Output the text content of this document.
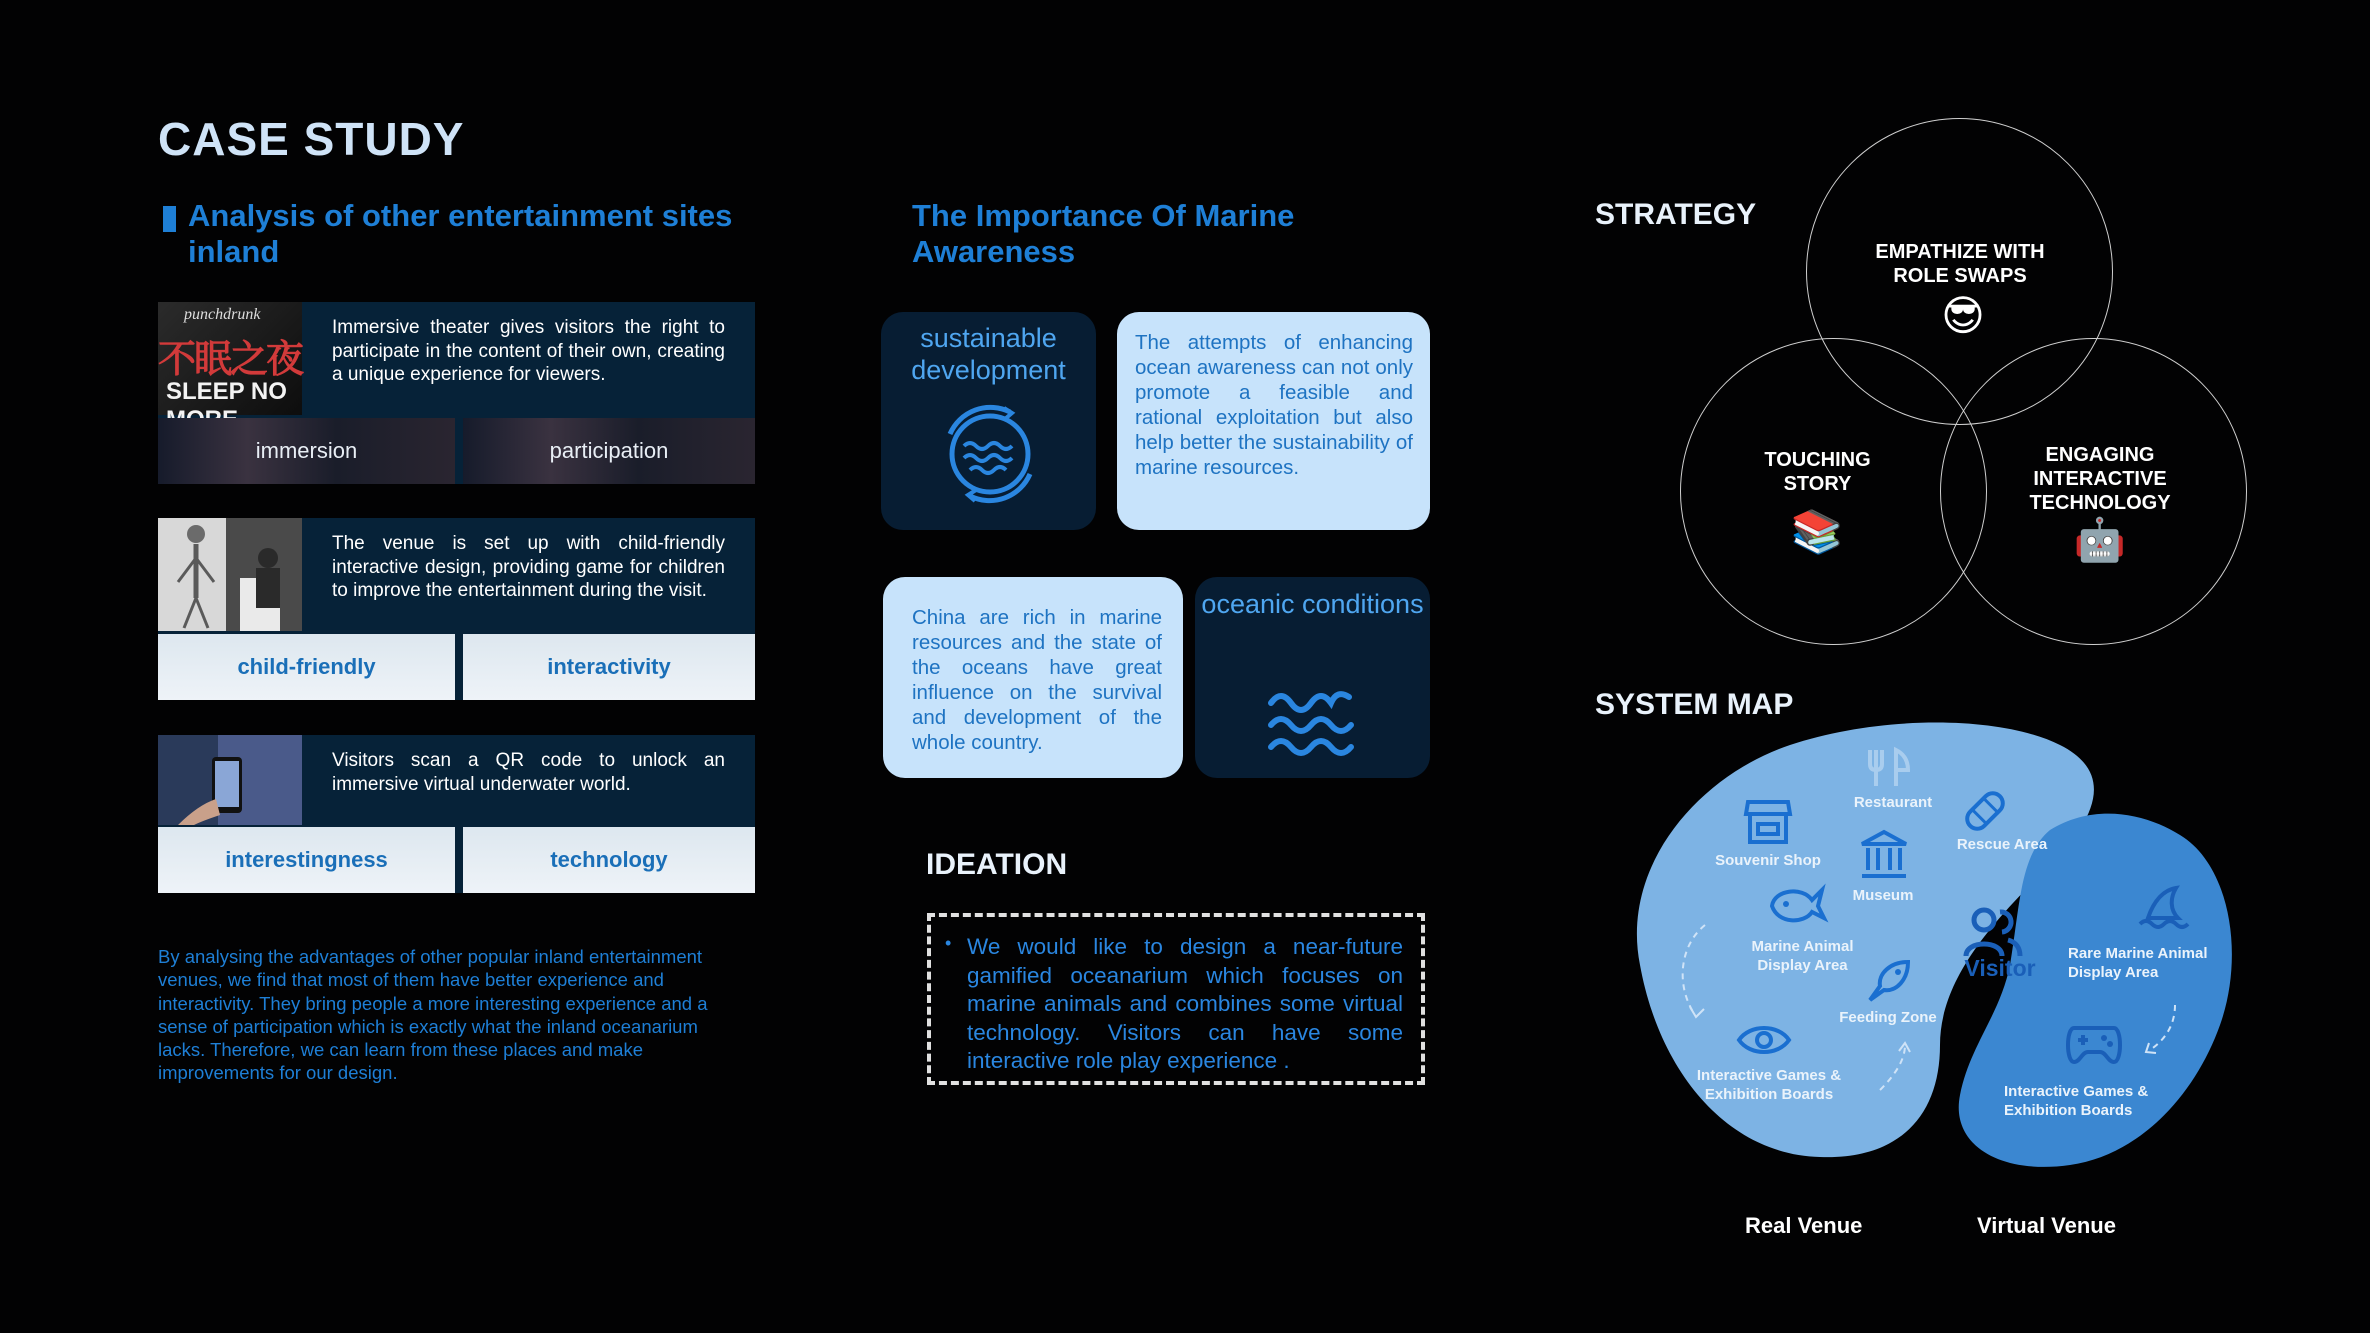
CASE STUDY
Analysis of other entertainment sites inland
punchdrunk
不眠之夜
SLEEP NO
Immersive theater gives visitors the right to participate in the content of their own, creating a unique experience for viewers.
immersion	participation
The venue is set up with child-friendly interactive design, providing game for children to improve the entertainment during the visit.
child-friendly	interactivity
Visitors scan a QR code to unlock an immersive virtual underwater world.
interestingness	technology
By analysing the advantages of other popular inland entertainment venues, we find that most of them have better experience and interactivity. They bring people a more interesting experience and a sense of participation which is exactly what the inland oceanarium lacks. Therefore, we can learn from these places and make improvements for our design.
The Importance Of Marine Awareness
sustainable development
The attempts of enhancing ocean awareness can not only promote a feasible and rational exploitation but also help better the sustainability of marine resources.
China are rich in marine resources and the state of the oceans have great influence on the survival and development of the whole country.
oceanic conditions
IDEATION
• We would like to design a near-future gamified oceanarium which focuses on marine animals and combines some virtual technology. Visitors can have some interactive role play experience .
STRATEGY
EMPATHIZE WITH ROLE SWAPS
😎
TOUCHING STORY
📚
ENGAGING INTERACTIVE TECHNOLOGY
🤖
SYSTEM MAP
Restaurant
Souvenir Shop
Rescue Area
Museum
Marine Animal Display Area
Feeding Zone
Interactive Games & Exhibition Boards
Visitor
Rare Marine Animal Display Area
Interactive Games & Exhibition Boards
Real Venue	Virtual Venue
